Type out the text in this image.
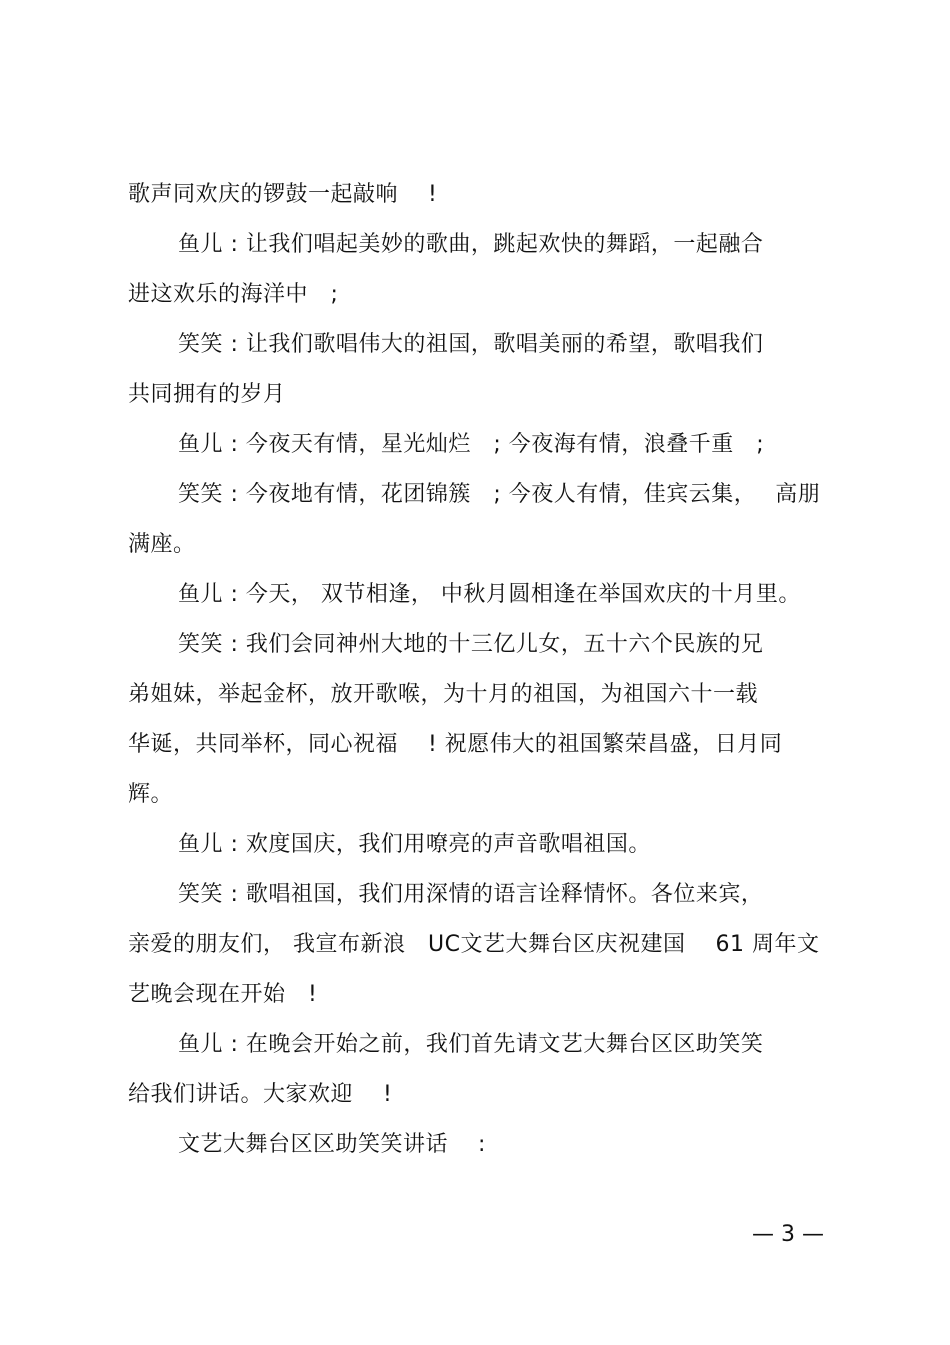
歌声同欢庆的锣鼓一起敲响　 !
鱼儿 : 让我们唱起美妙的歌曲，跳起欢快的舞蹈，一起融合
进这欢乐的海洋中　;
笑笑 : 让我们歌唱伟大的祖国，歌唱美丽的希望，歌唱我们
共同拥有的岁月
鱼儿 : 今夜天有情，星光灿烂　; 今夜海有情，浪叠千重　;
笑笑 : 今夜地有情，花团锦簇　; 今夜人有情，佳宾云集，　 高朋
满座。
鱼儿 : 今天， 双节相逢， 中秋月圆相逢在举国欢庆的十月里。
笑笑 : 我们会同神州大地的十三亿儿女，五十六个民族的兄
弟姐妹，举起金杯，放开歌喉，为十月的祖国，为祖国六十一载
华诞，共同举杯，同心祝福　 ! 祝愿伟大的祖国繁荣昌盛，日月同
辉。
鱼儿 : 欢度国庆，我们用嘹亮的声音歌唱祖国。
笑笑 : 歌唱祖国，我们用深情的语言诠释情怀。各位来宾，
亲爱的朋友们， 我宣布新浪　UC文艺大舞台区庆祝建国　 61 周年文
艺晚会现在开始　!
鱼儿 : 在晚会开始之前，我们首先请文艺大舞台区区助笑笑
给我们讲话。大家欢迎　 !
文艺大舞台区区助笑笑讲话　 :
— 3 —
